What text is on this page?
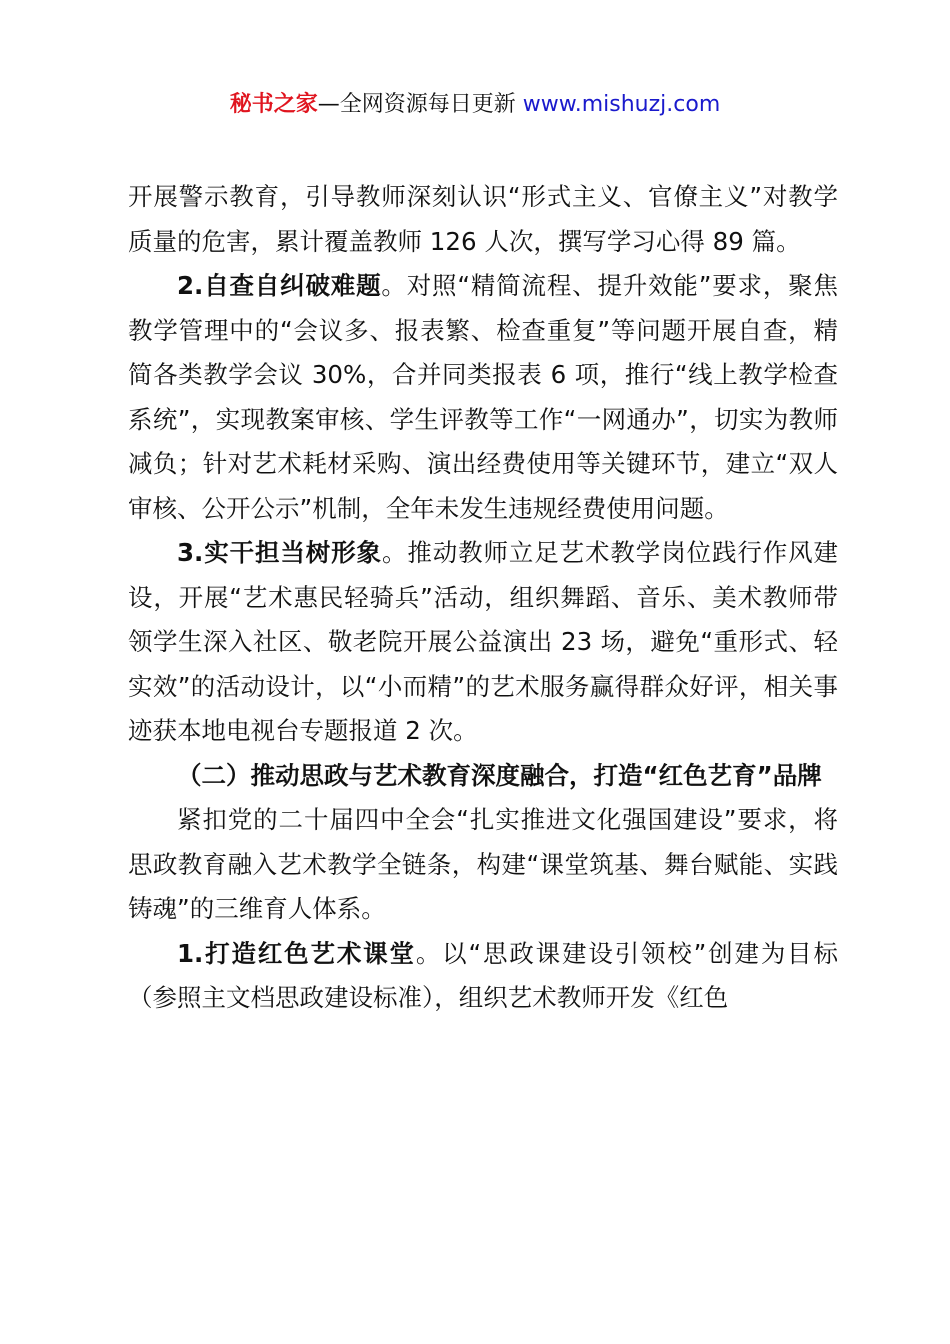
秘书之家—全网资源每日更新 www.mishuzj.com

开展警示教育，引导教师深刻认识“形式主义、官僚主义”对教学质量的危害，累计覆盖教师 126 人次，撰写学习心得 89 篇。

2.自查自纠破难题。对照“精简流程、提升效能”要求，聚焦教学管理中的“会议多、报表繁、检查重复”等问题开展自查，精简各类教学会议 30%，合并同类报表 6 项，推行“线上教学检查系统”，实现教案审核、学生评教等工作“一网通办”，切实为教师减负；针对艺术耗材采购、演出经费使用等关键环节，建立“双人审核、公开公示”机制，全年未发生违规经费使用问题。

3.实干担当树形象。推动教师立足艺术教学岗位践行作风建设，开展“艺术惠民轻骑兵”活动，组织舞蹈、音乐、美术教师带领学生深入社区、敬老院开展公益演出 23 场，避免“重形式、轻实效”的活动设计，以“小而精”的艺术服务赢得群众好评，相关事迹获本地电视台专题报道 2 次。

（二）推动思政与艺术教育深度融合，打造“红色艺育”品牌

紧扣党的二十届四中全会“扎实推进文化强国建设”要求，将思政教育融入艺术教学全链条，构建“课堂筑基、舞台赋能、实践铸魂”的三维育人体系。

1.打造红色艺术课堂。以“思政课建设引领校”创建为目标（参照主文档思政建设标准），组织艺术教师开发《红色
